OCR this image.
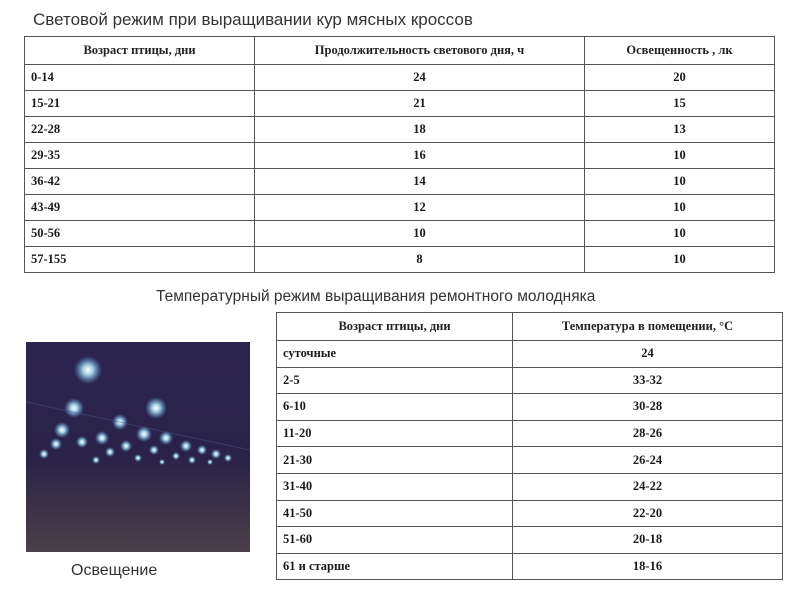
Световой режим при выращивании кур мясных кроссов
Возраст птицы, дни	Продолжительность светового дня, ч	Освещенность , лк
0-14	24	20
15-21	21	15
22-28	18	13
29-35	16	10
36-42	14	10
43-49	12	10
50-56	10	10
57-155	8	10
Температурный режим выращивания ремонтного молодняка

Освещение

Возраст птицы, дни	Температура в помещении, °С
суточные	24
2-5	33-32
6-10	30-28
11-20	28-26
21-30	26-24
31-40	24-22
41-50	22-20
51-60	20-18
61 и старше	18-16
